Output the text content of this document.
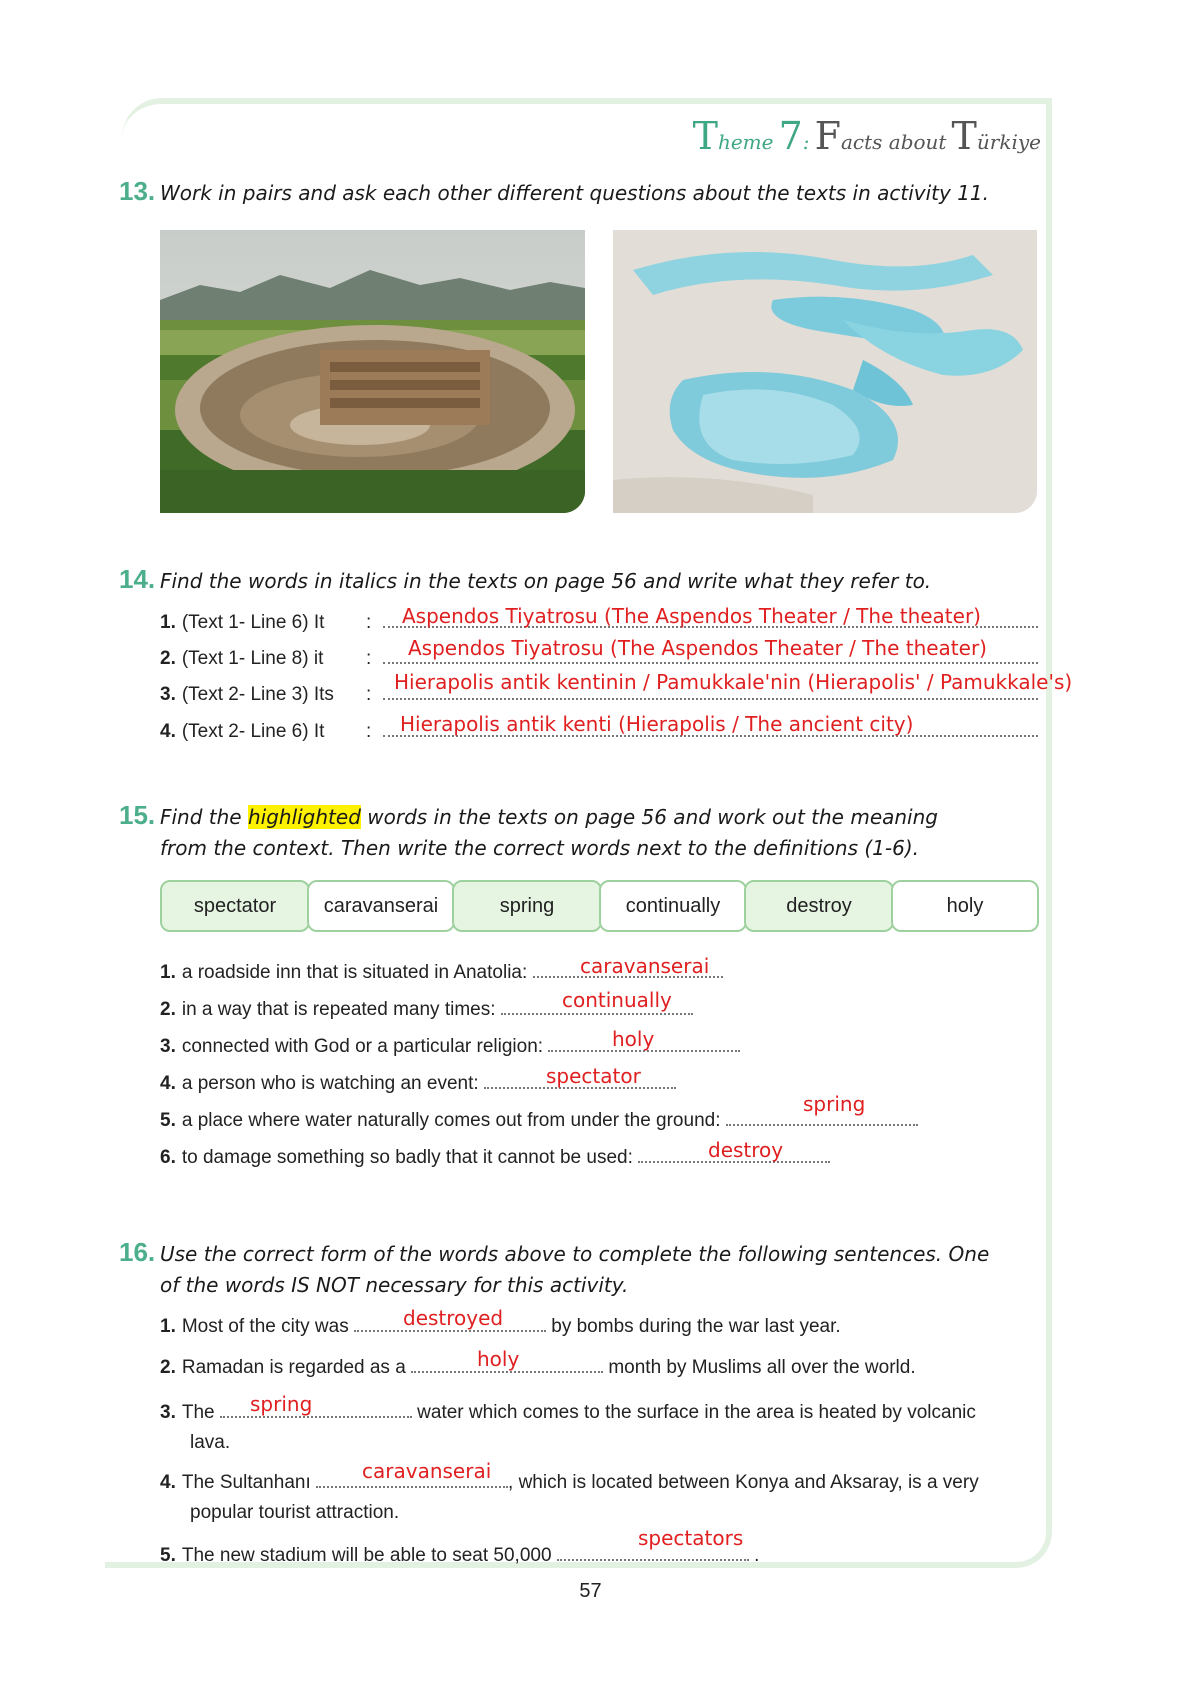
Theme 7: Facts about Türkiye
13. Work in pairs and ask each other different questions about the texts in activity 11.
14. Find the words in italics in the texts on page 56 and write what they refer to.
1. (Text 1- Line 6) It : Aspendos Tiyatrosu (The Aspendos Theater / The theater)
2. (Text 1- Line 8) it : Aspendos Tiyatrosu (The Aspendos Theater / The theater)
3. (Text 2- Line 3) Its :
Hierapolis antik kentinin / Pamukkale'nin (Hierapolis' / Pamukkale's)
4. (Text 2- Line 6) It : Hierapolis antik kenti (Hierapolis / The ancient city)
15. Find the highlighted words in the texts on page 56 and work out the meaning
from the context. Then write the correct words next to the definitions (1-6).
spectator	caravanserai	spring	continually	destroy	holy
1. a roadside inn that is situated in Anatolia:	caravanserai
2. in a way that is repeated many times:	continually
3. connected with God or a particular religion:	holy
4. a person who is watching an event:	spectator
5. a place where water naturally comes out from under the ground:
spring
6. to damage something so badly that it cannot be used:	destroy
16. Use the correct form of the words above to complete the following sentences. One
of the words IS NOT necessary for this activity.
1. Most of the city was	by bombs during the war last year.
destroyed
2. Ramadan is regarded as a	month by Muslims all over the world.
holy
3. The	water which comes to the surface in the area is heated by volcanic
lava.
spring
4. The Sultanhanı	, which is located between Konya and Aksaray, is a very
popular tourist attraction.
caravanserai
5. The new stadium will be able to seat 50,000	.
spectators
57
